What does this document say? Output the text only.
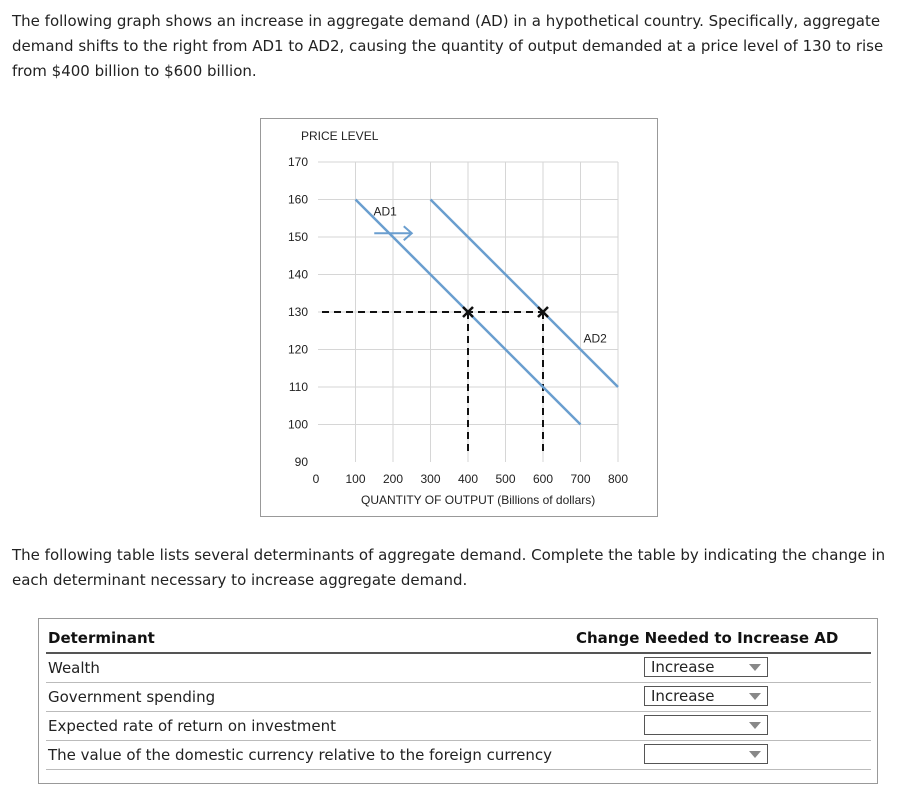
The following graph shows an increase in aggregate demand (AD) in a hypothetical country. Specifically, aggregate demand shifts to the right from AD1 to AD2, causing the quantity of output demanded at a price level of 130 to rise from $400 billion to $600 billion.
PRICE LEVEL
QUANTITY OF OUTPUT (Billions of dollars)
90
100
110
120
130
140
150
160
170
0 100 200 300 400 500 600 700 800
AD1
AD2
The following table lists several determinants of aggregate demand. Complete the table by indicating the change in each determinant necessary to increase aggregate demand.
Determinant	Change Needed to Increase AD
Wealth	Increase
Government spending	Increase
Expected rate of return on investment
The value of the domestic currency relative to the foreign currency
